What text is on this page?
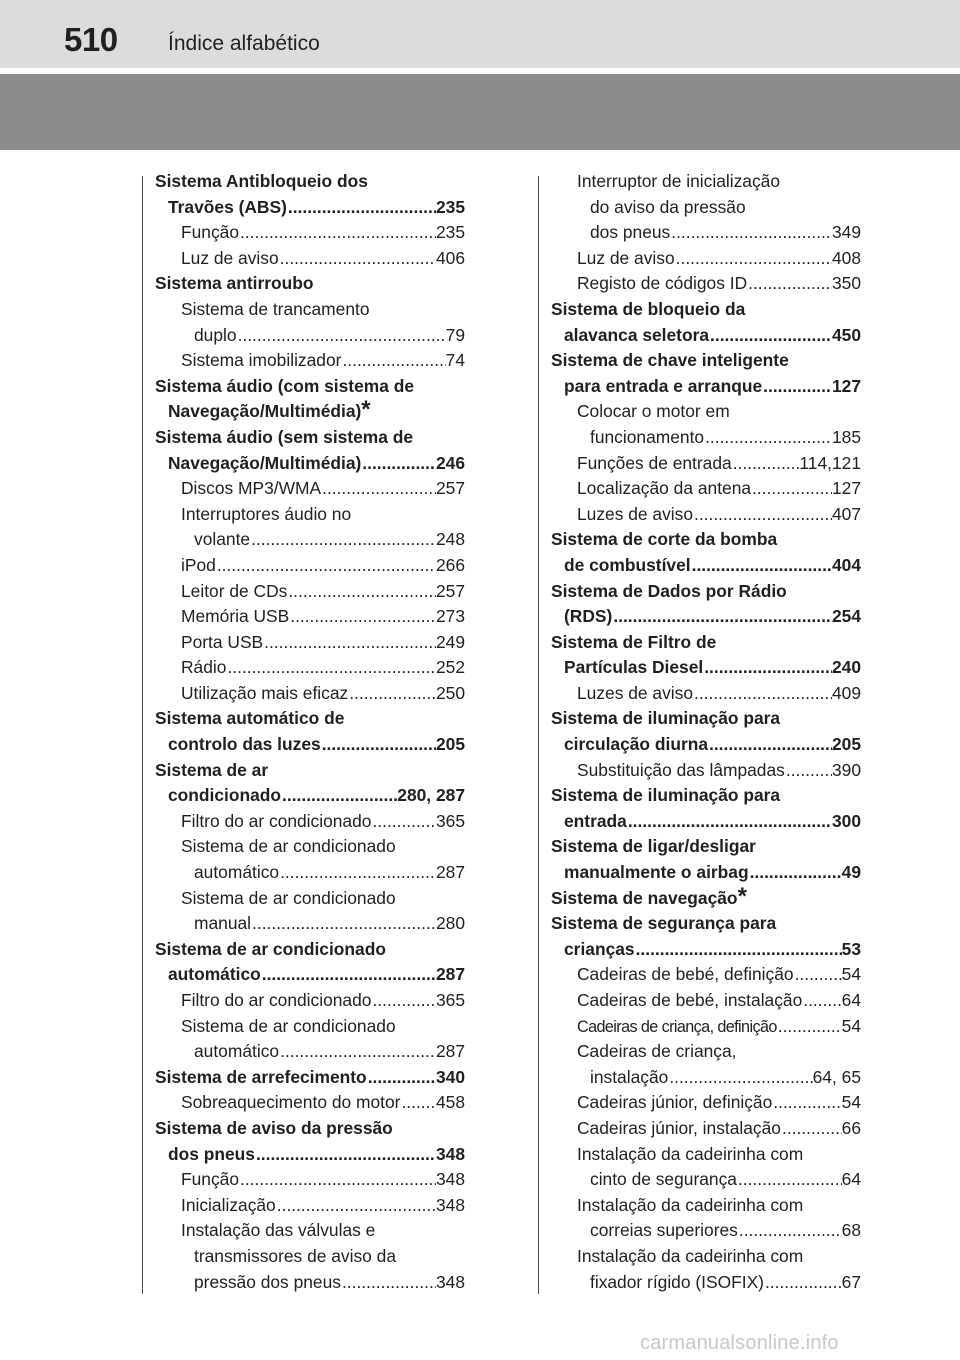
510 Índice alfabético
Sistema Antibloqueio dos
Travões (ABS) .....	235
Função .....	235
Luz de aviso .....	406
Sistema antirroubo
Sistema de trancamento
duplo .....	79
Sistema imobilizador .....	74
Sistema áudio (com sistema de
Navegação/Multimédia) *
Sistema áudio (sem sistema de
Navegação/Multimédia) .....	246
Discos MP3/WMA .....	257
Interruptores áudio no
volante .....	248
iPod .....	266
Leitor de CDs .....	257
Memória USB .....	273
Porta USB .....	249
Rádio .....	252
Utilização mais eficaz .....	250
Sistema automático de
controlo das luzes .....	205
Sistema de ar
condicionado .....	280, 287
Filtro do ar condicionado .....	365
Sistema de ar condicionado
automático .....	287
Sistema de ar condicionado
manual .....	280
Sistema de ar condicionado
automático .....	287
Filtro do ar condicionado .....	365
Sistema de ar condicionado
automático .....	287
Sistema de arrefecimento .....	340
Sobreaquecimento do motor ..... 458
Sistema de aviso da pressão
dos pneus .....	348
Função .....	348
Inicialização .....	348
Instalação das válvulas e
transmissores de aviso da
pressão dos pneus .....	348
Interruptor de inicialização
do aviso da pressão
dos pneus .....	349
Luz de aviso .....	408
Registo de códigos ID .....	350
Sistema de bloqueio da
alavanca seletora .....	450
Sistema de chave inteligente
para entrada e arranque .....	127
Colocar o motor em
funcionamento .....	185
Funções de entrada .....	114,121
Localização da antena .....	127
Luzes de aviso .....	407
Sistema de corte da bomba
de combustível .....	404
Sistema de Dados por Rádio
(RDS) .....	254
Sistema de Filtro de
Partículas Diesel .....	240
Luzes de aviso .....	409
Sistema de iluminação para
circulação diurna .....	205
Substituição das lâmpadas .....	390
Sistema de iluminação para
entrada .....	300
Sistema de ligar/desligar
manualmente o airbag .....	49
Sistema de navegação *
Sistema de segurança para
crianças .....	53
Cadeiras de bebé, definição .....	54
Cadeiras de bebé, instalação ..... 64
Cadeiras de criança, definição .....	54
Cadeiras de criança,
instalação .....	64, 65
Cadeiras júnior, definição .....	54
Cadeiras júnior, instalação .....	66
Instalação da cadeirinha com
cinto de segurança .....	64
Instalação da cadeirinha com
correias superiores .....	68
Instalação da cadeirinha com
fixador rígido (ISOFIX) .....	67
carmanualsonline.info
